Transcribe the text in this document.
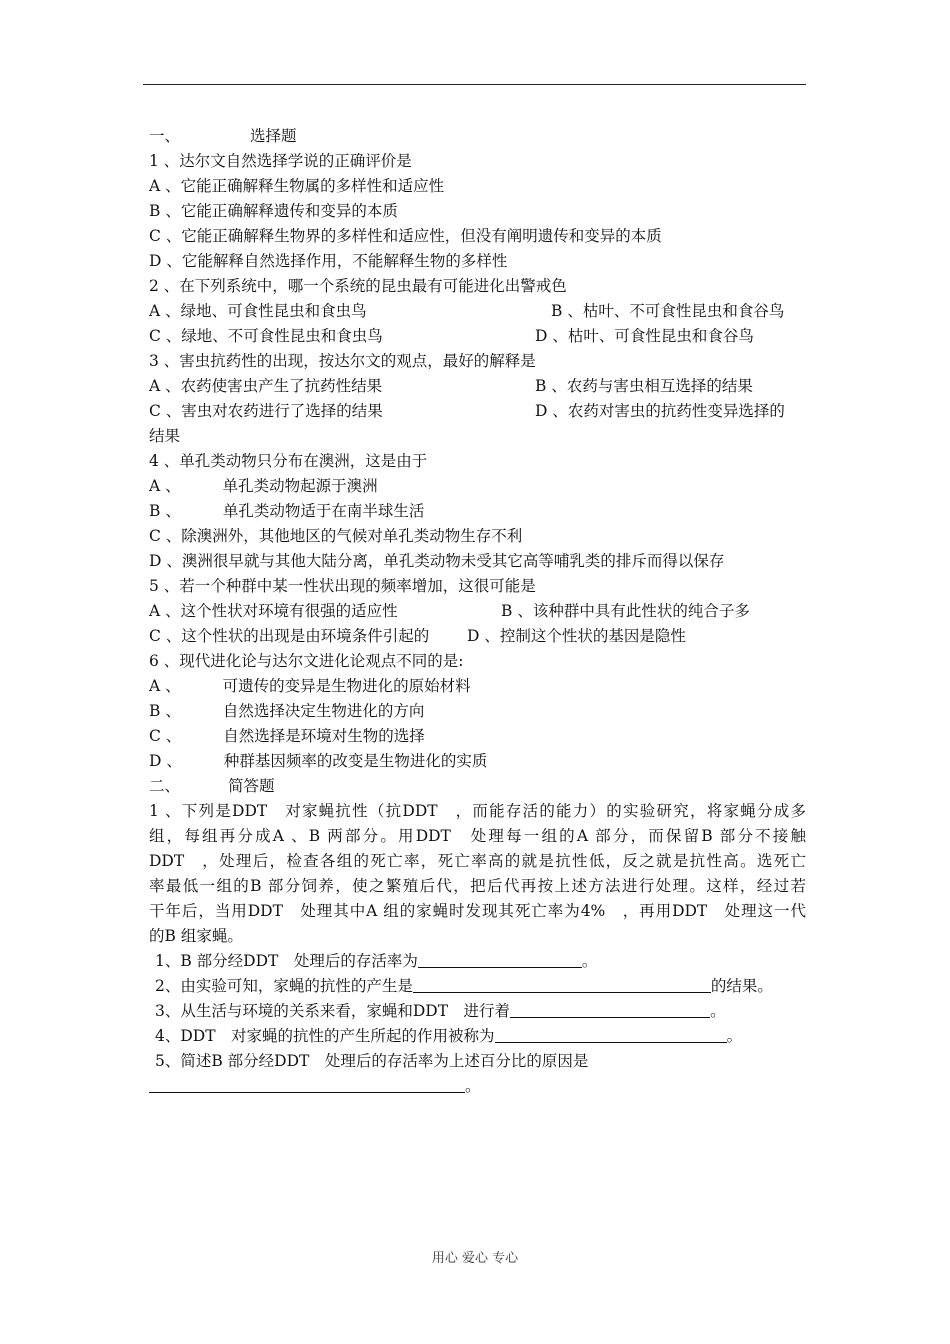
一、	选择题
1 、达尔文自然选择学说的正确评价是
A 、它能正确解释生物属的多样性和适应性
B 、它能正确解释遗传和变异的本质
C 、它能正确解释生物界的多样性和适应性，但没有阐明遗传和变异的本质
D 、它能解释自然选择作用，不能解释生物的多样性
2 、在下列系统中，哪一个系统的昆虫最有可能进化出警戒色
A 、绿地、可食性昆虫和食虫鸟	B 、枯叶、不可食性昆虫和食谷鸟
C 、绿地、不可食性昆虫和食虫鸟	D 、枯叶、可食性昆虫和食谷鸟
3 、害虫抗药性的出现，按达尔文的观点，最好的解释是
A 、农药使害虫产生了抗药性结果	B 、农药与害虫相互选择的结果
C 、害虫对农药进行了选择的结果	D 、农药对害虫的抗药性变异选择的
结果
4 、单孔类动物只分布在澳洲，这是由于
A 、	单孔类动物起源于澳洲
B 、	单孔类动物适于在南半球生活
C 、除澳洲外，其他地区的气候对单孔类动物生存不利
D 、澳洲很早就与其他大陆分离，单孔类动物未受其它高等哺乳类的排斥而得以保存
5 、若一个种群中某一性状出现的频率增加，这很可能是
A 、这个性状对环境有很强的适应性	B 、该种群中具有此性状的纯合子多
C 、这个性状的出现是由环境条件引起的 D 、控制这个性状的基因是隐性
6 、现代进化论与达尔文进化论观点不同的是:
A 、	可遗传的变异是生物进化的原始材料
B 、	自然选择决定生物进化的方向
C 、	自然选择是环境对生物的选择
D 、	种群基因频率的改变是生物进化的实质
二、	简答题
1 、下列是DDT　对家蝇抗性（抗DDT　，而能存活的能力）的实验研究，将家蝇分成多
组，每组再分成A 、B 两部分。用DDT　处理每一组的A 部分，而保留B 部分不接触
DDT　，处理后，检查各组的死亡率，死亡率高的就是抗性低，反之就是抗性高。选死亡
率最低一组的B 部分饲养，使之繁殖后代，把后代再按上述方法进行处理。这样，经过若
干年后，当用DDT　处理其中A 组的家蝇时发现其死亡率为4%　，再用DDT　处理这一代
的B 组家蝇。
1、B 部分经DDT　处理后的存活率为	。
2、由实验可知，家蝇的抗性的产生是	的结果。
3、从生活与环境的关系来看，家蝇和DDT　进行着	。
4、DDT　对家蝇的抗性的产生所起的作用被称为	。
5、简述B 部分经DDT　处理后的存活率为上述百分比的原因是
。
用心 爱心 专心
